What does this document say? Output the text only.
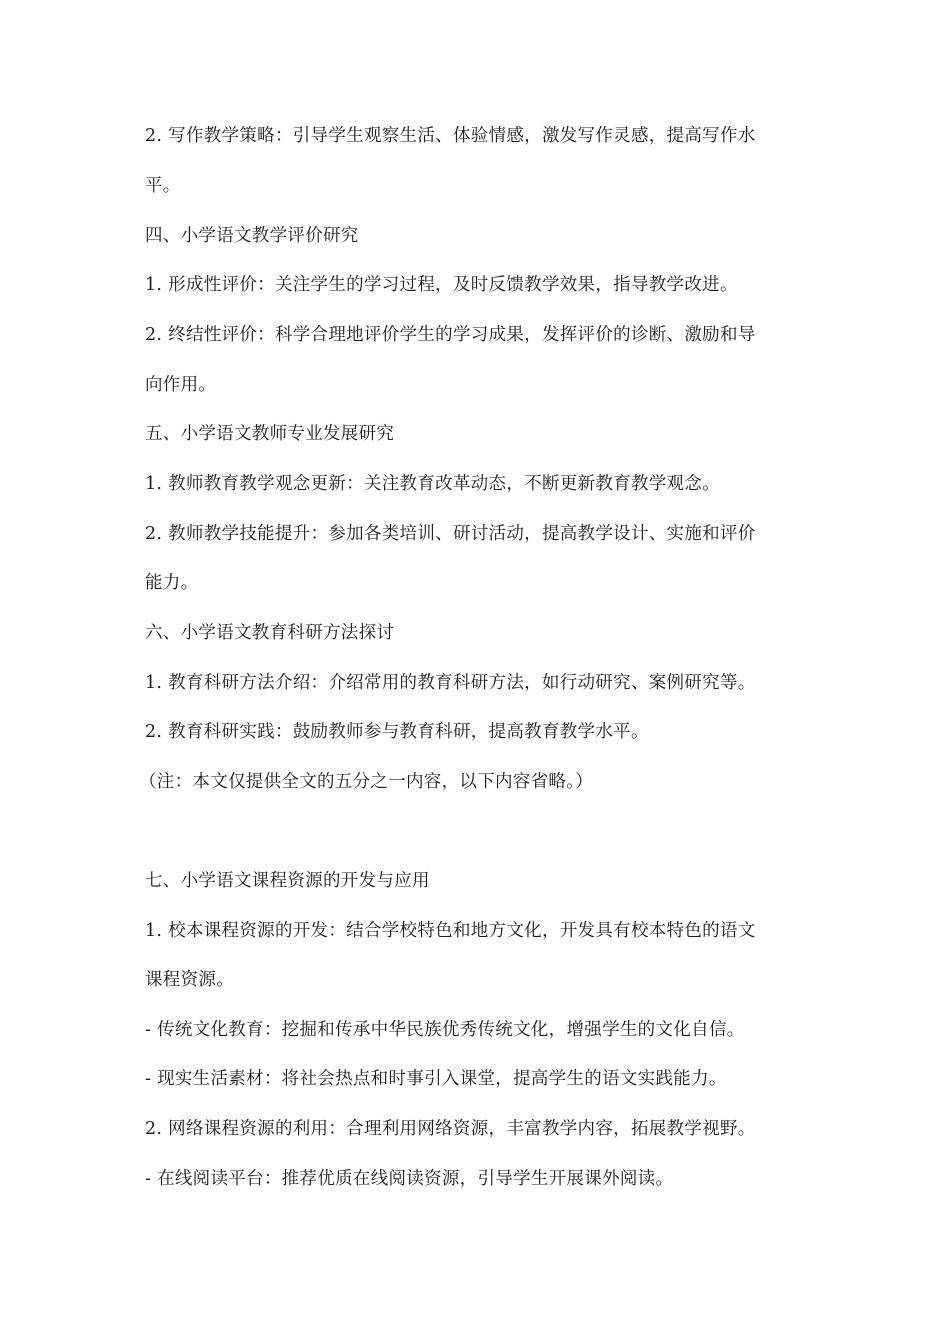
2. 写作教学策略：引导学生观察生活、体验情感，激发写作灵感，提高写作水
平。
四、小学语文教学评价研究
1. 形成性评价：关注学生的学习过程，及时反馈教学效果，指导教学改进。
2. 终结性评价：科学合理地评价学生的学习成果，发挥评价的诊断、激励和导
向作用。
五、小学语文教师专业发展研究
1. 教师教育教学观念更新：关注教育改革动态，不断更新教育教学观念。
2. 教师教学技能提升：参加各类培训、研讨活动，提高教学设计、实施和评价
能力。
六、小学语文教育科研方法探讨
1. 教育科研方法介绍：介绍常用的教育科研方法，如行动研究、案例研究等。
2. 教育科研实践：鼓励教师参与教育科研，提高教育教学水平。
（注：本文仅提供全文的五分之一内容，以下内容省略。）
七、小学语文课程资源的开发与应用
1. 校本课程资源的开发：结合学校特色和地方文化，开发具有校本特色的语文
课程资源。
- 传统文化教育：挖掘和传承中华民族优秀传统文化，增强学生的文化自信。
- 现实生活素材：将社会热点和时事引入课堂，提高学生的语文实践能力。
2. 网络课程资源的利用：合理利用网络资源，丰富教学内容，拓展教学视野。
- 在线阅读平台：推荐优质在线阅读资源，引导学生开展课外阅读。
